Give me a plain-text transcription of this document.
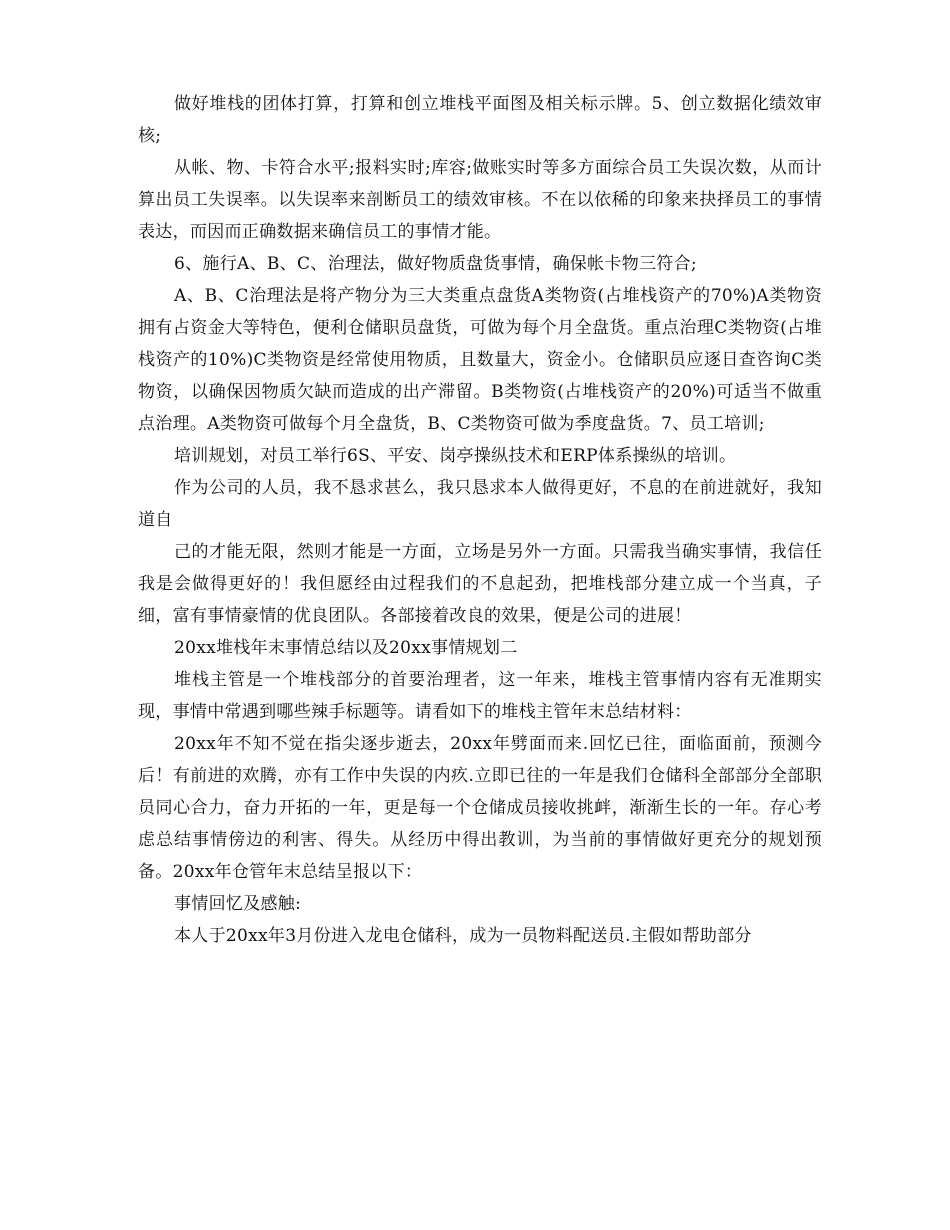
做好堆栈的团体打算，打算和创立堆栈平面图及相关标示牌。5、创立数据化绩效审核;

从帐、物、卡符合水平;报料实时;库容;做账实时等多方面综合员工失误次数，从而计算出员工失误率。以失误率来剖断员工的绩效审核。不在以依稀的印象来抉择员工的事情表达，而因而正确数据来确信员工的事情才能。

6、施行A、B、C、治理法，做好物质盘货事情，确保帐卡物三符合;

A、B、C治理法是将产物分为三大类重点盘货A类物资(占堆栈资产的70%)A类物资拥有占资金大等特色，便利仓储职员盘货，可做为每个月全盘货。重点治理C类物资(占堆栈资产的10%)C类物资是经常使用物质，且数量大，资金小。仓储职员应逐日查咨询C类物资，以确保因物质欠缺而造成的出产滞留。B类物资(占堆栈资产的20%)可适当不做重点治理。A类物资可做每个月全盘货，B、C类物资可做为季度盘货。7、员工培训;

培训规划，对员工举行6S、平安、岗亭操纵技术和ERP体系操纵的培训。

作为公司的人员，我不恳求甚么，我只恳求本人做得更好，不息的在前进就好，我知道自

己的才能无限，然则才能是一方面，立场是另外一方面。只需我当确实事情，我信任我是会做得更好的！我但愿经由过程我们的不息起劲，把堆栈部分建立成一个当真，子细，富有事情豪情的优良团队。各部接着改良的效果，便是公司的进展！

20xx堆栈年末事情总结以及20xx事情规划二

堆栈主管是一个堆栈部分的首要治理者，这一年来，堆栈主管事情内容有无准期实现，事情中常遇到哪些辣手标题等。请看如下的堆栈主管年末总结材料：

20xx年不知不觉在指尖逐步逝去，20xx年劈面而来.回忆已往，面临面前，预测今后！有前进的欢腾，亦有工作中失误的内疚.立即已往的一年是我们仓储科全部部分全部职员同心合力，奋力开拓的一年，更是每一个仓储成员接收挑衅，渐渐生长的一年。存心考虑总结事情傍边的利害、得失。从经历中得出教训，为当前的事情做好更充分的规划预备。20xx年仓管年末总结呈报以下：

事情回忆及感触:

本人于20xx年3月份进入龙电仓储科，成为一员物料配送员.主假如帮助部分
